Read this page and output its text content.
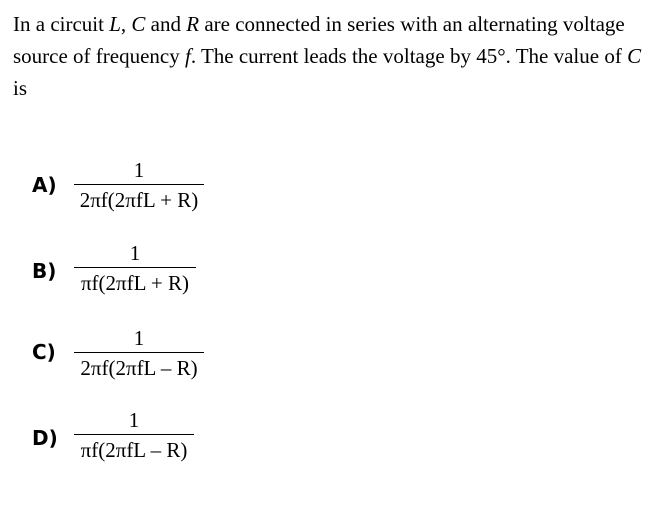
In a circuit L, C and R are connected in series with an alternating voltage source of frequency f. The current leads the voltage by 45°. The value of C is
A)
1
2πf(2πfL + R)
B)
1
πf(2πfL + R)
C)
1
2πf(2πfL – R)
D)
1
πf(2πfL – R)
